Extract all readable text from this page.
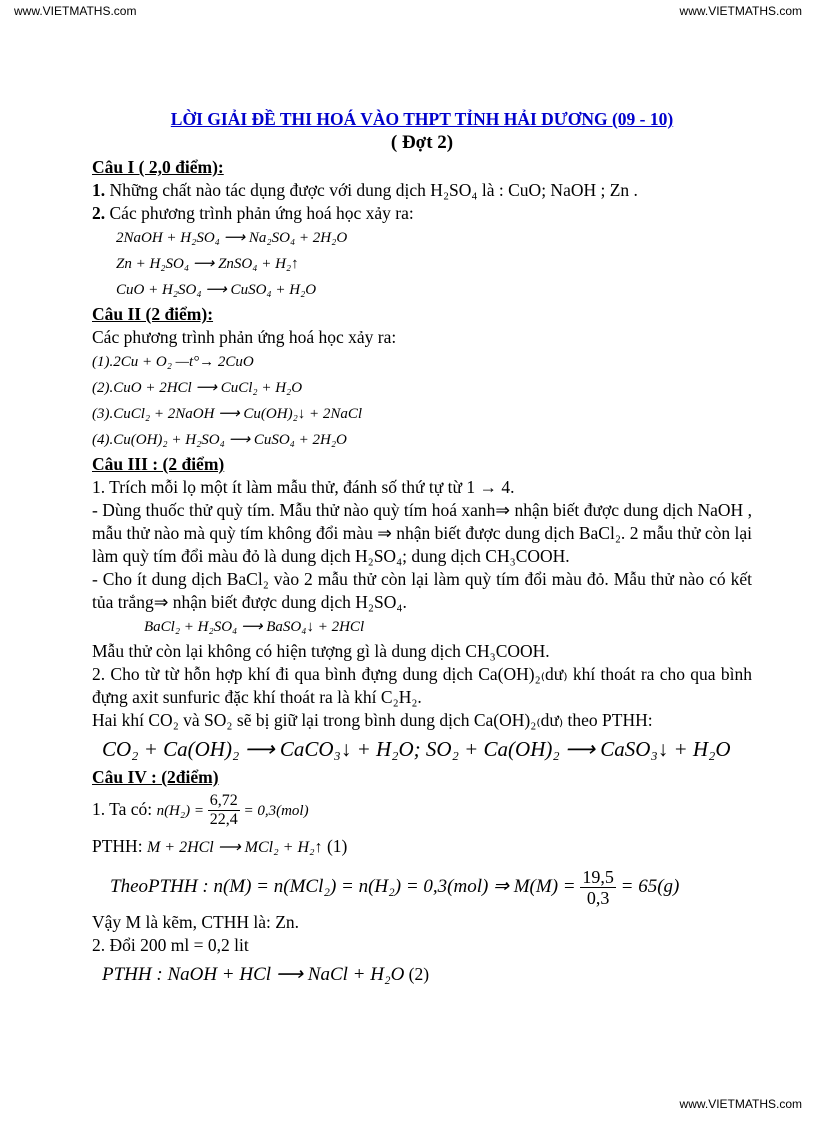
www.VIETMATHS.com	www.VIETMATHS.com

LỜI GIẢI ĐỀ THI HOÁ VÀO THPT TỈNH HẢI DƯƠNG (09 - 10)

( Đợt 2)

Câu I ( 2,0 điểm):

1. Những chất nào tác dụng được với dung dịch H₂SO₄ là : CuO; NaOH ; Zn .

2. Các phương trình phản ứng hoá học xảy ra:

2NaOH + H₂SO₄ ⟶ Na₂SO₄ + 2H₂O

Zn + H₂SO₄ ⟶ ZnSO₄ + H₂↑

CuO + H₂SO₄ ⟶ CuSO₄ + H₂O

Câu II (2 điểm):

Các phương trình phản ứng hoá học xảy ra:

(1).2Cu + O₂ —t°→ 2CuO

(2).CuO + 2HCl ⟶ CuCl₂ + H₂O

(3).CuCl₂ + 2NaOH ⟶ Cu(OH)₂↓ + 2NaCl

(4).Cu(OH)₂ + H₂SO₄ ⟶ CuSO₄ + 2H₂O

Câu III : (2 điểm)

1. Trích mỗi lọ một ít làm mẫu thử, đánh số thứ tự từ 1 → 4.

- Dùng thuốc thử quỳ tím. Mẫu thử nào quỳ tím hoá xanh⇒ nhận biết được dung dịch NaOH , mẫu thử nào mà quỳ tím không đổi màu ⇒ nhận biết được dung dịch BaCl₂. 2 mẫu thử còn lại làm quỳ tím đổi màu đỏ là dung dịch H₂SO₄; dung dịch CH₃COOH.

- Cho ít dung dịch BaCl₂ vào 2 mẫu thử còn lại làm quỳ tím đổi màu đỏ. Mẫu thử nào có kết tủa trắng⇒ nhận biết được dung dịch H₂SO₄.

BaCl₂ + H₂SO₄ ⟶ BaSO₄↓ + 2HCl

Mẫu thử còn lại không có hiện tượng gì là dung dịch CH₃COOH.

2. Cho từ từ hỗn hợp khí đi qua bình đựng dung dịch Ca(OH)₂₍dư₎ khí thoát ra cho qua bình đựng axit sunfuric đặc khí thoát ra là khí C₂H₂.

Hai khí CO₂ và SO₂ sẽ bị giữ lại trong bình dung dịch Ca(OH)₂₍dư₎ theo PTHH:

CO₂ + Ca(OH)₂ ⟶ CaCO₃↓ + H₂O; SO₂ + Ca(OH)₂ ⟶ CaSO₃↓ + H₂O

Câu IV : (2điểm)

1. Ta có: $n(H_2) = \frac{6,72}{22,4} = 0,3(mol)$

PTHH: M + 2HCl ⟶ MCl₂ + H₂↑ (1)

TheoPTHH : n(M) = n(MCl₂) = n(H₂) = 0,3(mol) ⇒ $M(M) = \frac{19,5}{0,3} = 65(g)$

Vậy M là kẽm, CTHH là: Zn.

2. Đổi 200 ml = 0,2 lit

PTHH : NaOH + HCl ⟶ NaCl + H₂O (2)

www.VIETMATHS.com
